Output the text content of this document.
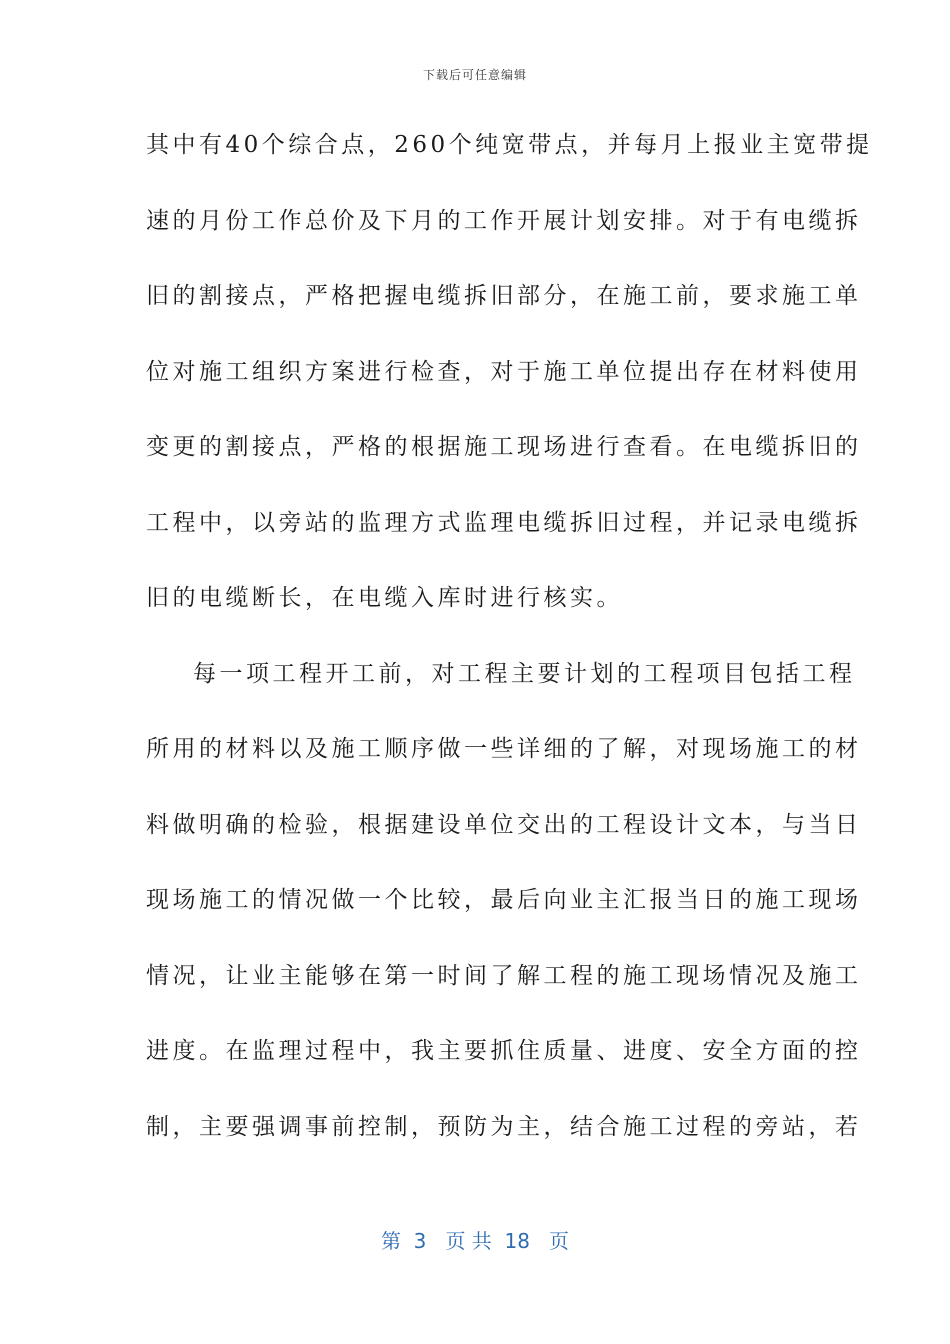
下载后可任意编辑
其中有40个综合点，260个纯宽带点，并每月上报业主宽带提
速的月份工作总价及下月的工作开展计划安排。对于有电缆拆
旧的割接点，严格把握电缆拆旧部分，在施工前，要求施工单
位对施工组织方案进行检查，对于施工单位提出存在材料使用
变更的割接点，严格的根据施工现场进行查看。在电缆拆旧的
工程中，以旁站的监理方式监理电缆拆旧过程，并记录电缆拆
旧的电缆断长，在电缆入库时进行核实。
每一项工程开工前，对工程主要计划的工程项目包括工程
所用的材料以及施工顺序做一些详细的了解，对现场施工的材
料做明确的检验，根据建设单位交出的工程设计文本，与当日
现场施工的情况做一个比较，最后向业主汇报当日的施工现场
情况，让业主能够在第一时间了解工程的施工现场情况及施工
进度。在监理过程中，我主要抓住质量、进度、安全方面的控
制，主要强调事前控制，预防为主，结合施工过程的旁站，若
第  3   页 共  18   页
